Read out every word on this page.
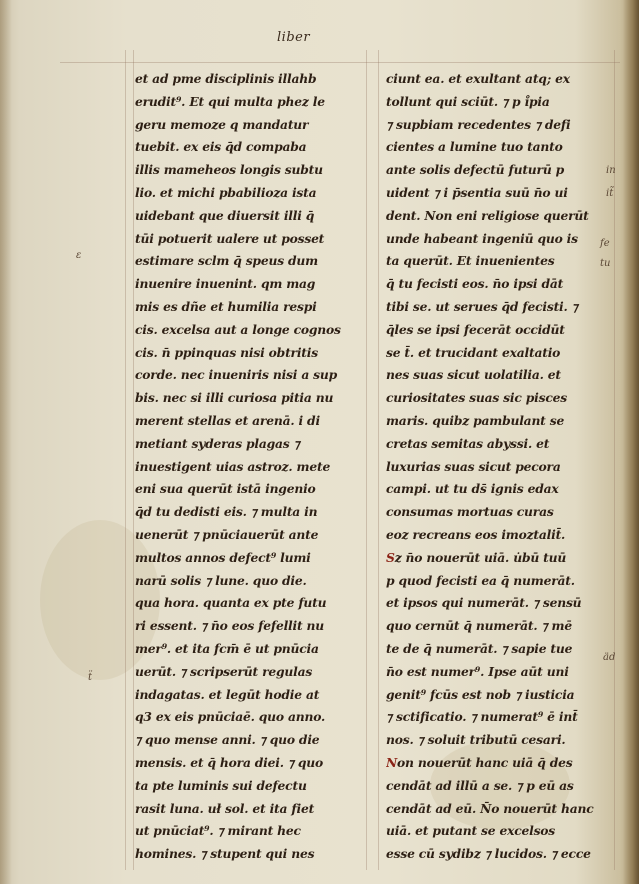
liber
et ad pme disciplinis illahb
erudit⁹. Et qui multa phez le
geru memoze q mandatur
tuebit. ex eis q̄d compaba
illis mameheos longis subtu
lio. et michi pbabilioza ista
uidebant que diuersit illi q̄
tūi potuerit ualere ut posset
estimare sclm q̄ speus dum
inuenire inuenint. qm mag
mis es dñe et humilia respi
cis. excelsa aut a longe cognos
cis. n̄ ppinquas nisi obtritis
corde. nec inueniris nisi a sup
bis. nec si illi curiosa pitia nu
merent stellas et arenā. i di
metiant syderas plagas ⁊
inuestigent uias astroz. mete
eni sua querūt istā ingenio
q̄d tu dedisti eis. ⁊ multa in
uenerūt ⁊ pnūciauerūt ante
multos annos defect⁹ lumi
narū solis ⁊ lune. quo die.
qua hora. quanta ex pte futu
ri essent. ⁊ n̄o eos fefellit nu
mer⁹. et ita fcm̄ ē ut pnūcia
uerūt. ⁊ scripserūt regulas
indagatas. et legūt hodie at
q3 ex eis pnūciaē. quo anno.
⁊ quo mense anni. ⁊ quo die
mensis. et q̄ hora diei. ⁊ quo
ta pte luminis sui defectu
rasit luna. uł sol. et ita fiet
ut pnūciat⁹. ⁊ mirant hec
homines. ⁊ stupent qui nes
ciunt ea. et exultant atq; ex
tollunt qui sciūt. ⁊ p i̊pia
⁊ supbiam recedentes ⁊ defi
cientes a lumine tuo tanto
ante solis defectū futurū p
uident ⁊ i p̄sentia suū n̄o ui
dent. Non eni religiose querūt
unde habeant ingeniū quo is
ta querūt. Et inuenientes
q̄ tu fecisti eos. n̄o ipsi dāt
tibi se. ut serues q̄d fecisti. ⁊
q̄les se ipsi fecerāt occidūt
se t̄. et trucidant exaltatio
nes suas sicut uolatilia. et
curiositates suas sic pisces
maris. quibz pambulant se
cretas semitas abyssi. et
luxurias suas sicut pecora
campi. ut tu ds̄ ignis edax
consumas mortuas curas
eoz recreans eos imoztalit̄.
Sz n̄o nouerūt uiā. u̇bū tuū
p quod fecisti ea q̄ numerāt.
et ipsos qui numerāt. ⁊ sensū
quo cernūt q̄ numerāt. ⁊ mē
te de q̄ numerāt. ⁊ sapie tue
n̄o est numer⁹. Ipse aūt uni
genit⁹ fcūs est nob ⁊ iusticia
⁊ sctificatio. ⁊ numerat⁹ ē int̄
nos. ⁊ soluit tributū cesari.
Non nouerūt hanc uiā q̄ des
cendāt ad illū a se. ⁊ p eū as
cendāt ad eū. N̄o nouerūt hanc
uiā. et putant se excelsos
esse cū sydibz ⁊ lucidos. ⁊ ecce
ε
ẗ
in
it̃
fe
tu
äd
